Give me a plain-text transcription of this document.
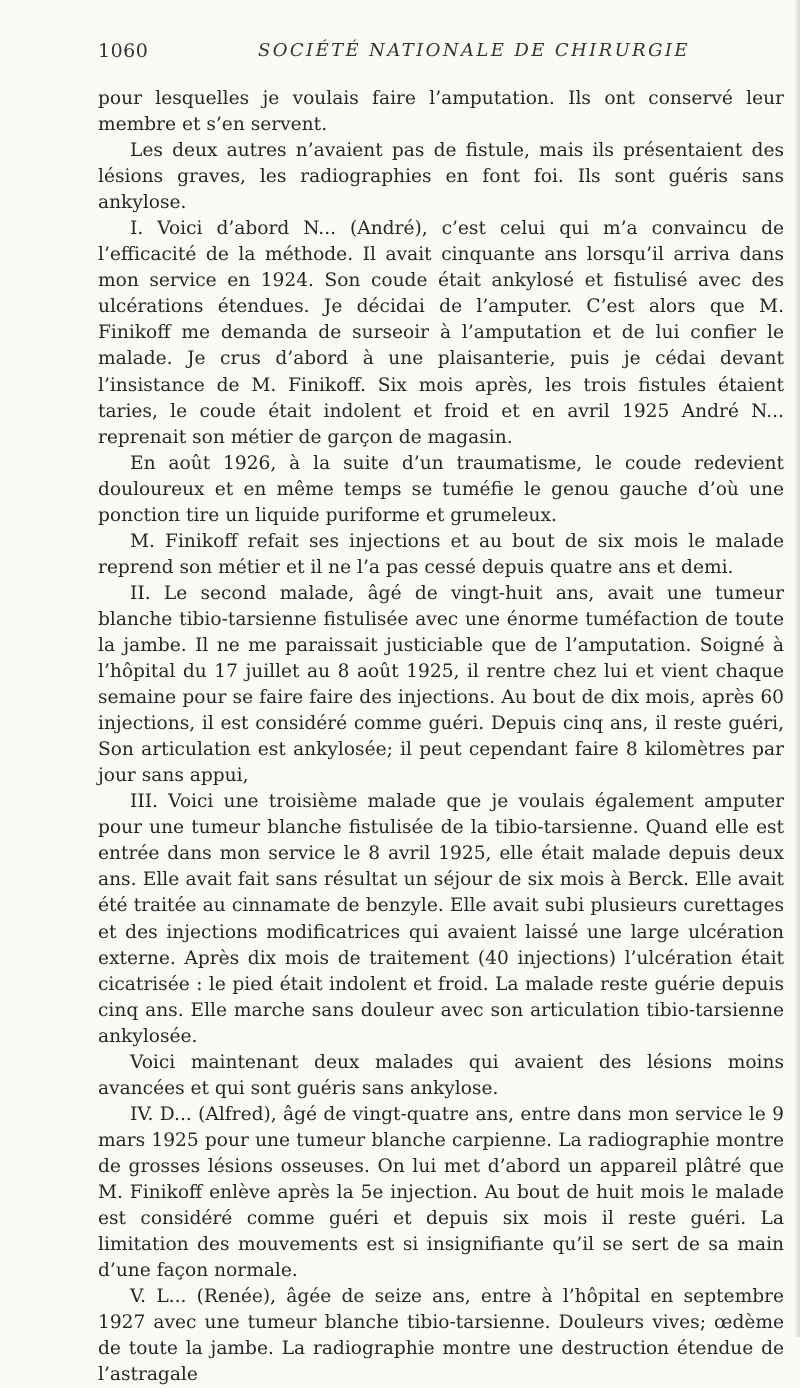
1060	SOCIÉTÉ NATIONALE DE CHIRURGIE

pour lesquelles je voulais faire l’amputation. Ils ont conservé leur membre et s’en servent.

Les deux autres n’avaient pas de fistule, mais ils présentaient des lésions graves, les radiographies en font foi. Ils sont guéris sans ankylose.

I. Voici d’abord N... (André), c’est celui qui m’a convaincu de l’efficacité de la méthode. Il avait cinquante ans lorsqu’il arriva dans mon service en 1924. Son coude était ankylosé et fistulisé avec des ulcérations étendues. Je décidai de l’amputer. C’est alors que M. Finikoff me demanda de surseoir à l’amputation et de lui confier le malade. Je crus d’abord à une plaisanterie, puis je cédai devant l’insistance de M. Finikoff. Six mois après, les trois fistules étaient taries, le coude était indolent et froid et en avril 1925 André N... reprenait son métier de garçon de magasin.

En août 1926, à la suite d’un traumatisme, le coude redevient douloureux et en même temps se tuméfie le genou gauche d’où une ponction tire un liquide puriforme et grumeleux.

M. Finikoff refait ses injections et au bout de six mois le malade reprend son métier et il ne l’a pas cessé depuis quatre ans et demi.

II. Le second malade, âgé de vingt-huit ans, avait une tumeur blanche tibio-tarsienne fistulisée avec une énorme tuméfaction de toute la jambe. Il ne me paraissait justiciable que de l’amputation. Soigné à l’hôpital du 17 juillet au 8 août 1925, il rentre chez lui et vient chaque semaine pour se faire faire des injections. Au bout de dix mois, après 60 injections, il est considéré comme guéri. Depuis cinq ans, il reste guéri, Son articulation est ankylosée; il peut cependant faire 8 kilomètres par jour sans appui,

III. Voici une troisième malade que je voulais également amputer pour une tumeur blanche fistulisée de la tibio-tarsienne. Quand elle est entrée dans mon service le 8 avril 1925, elle était malade depuis deux ans. Elle avait fait sans résultat un séjour de six mois à Berck. Elle avait été traitée au cinnamate de benzyle. Elle avait subi plusieurs curettages et des injections modificatrices qui avaient laissé une large ulcération externe. Après dix mois de traitement (40 injections) l’ulcération était cicatrisée : le pied était indolent et froid. La malade reste guérie depuis cinq ans. Elle marche sans douleur avec son articulation tibio-tarsienne ankylosée.

Voici maintenant deux malades qui avaient des lésions moins avancées et qui sont guéris sans ankylose.

IV. D... (Alfred), âgé de vingt-quatre ans, entre dans mon service le 9 mars 1925 pour une tumeur blanche carpienne. La radiographie montre de grosses lésions osseuses. On lui met d’abord un appareil plâtré que M. Finikoff enlève après la 5e injection. Au bout de huit mois le malade est considéré comme guéri et depuis six mois il reste guéri. La limitation des mouvements est si insignifiante qu’il se sert de sa main d’une façon normale.

V. L... (Renée), âgée de seize ans, entre à l’hôpital en septembre 1927 avec une tumeur blanche tibio-tarsienne. Douleurs vives; œdème de toute la jambe. La radiographie montre une destruction étendue de l’astragale
